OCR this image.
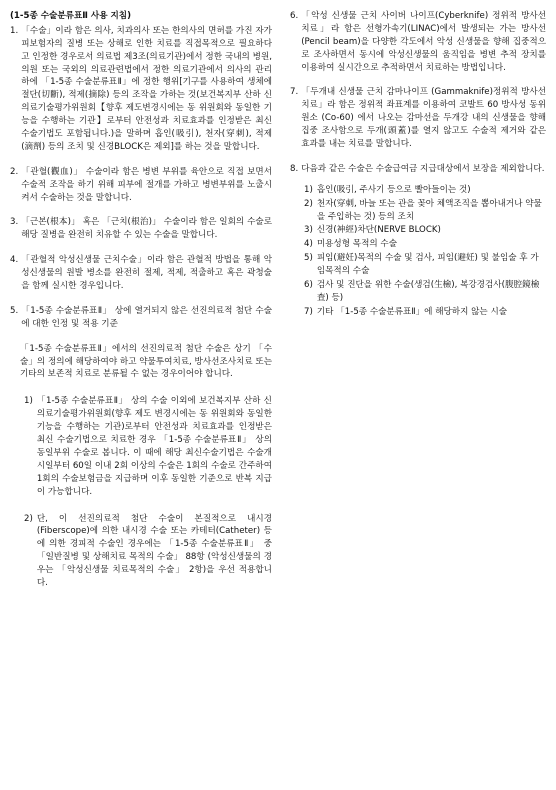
(1-5종 수술분류표Ⅱ 사용 지침)
1. 「수술」이라 함은 의사, 치과의사 또는 한의사의 면허를 가진 자가 피보험자의 질병 또는 상해로 인한 치료를 직접목적으로 필요하다고 인정한 경우로서 의료법 제3조(의료기관)에서 정한 국내의 병원, 의원 또는 국외의 의료관련법에서 정한 의료기관에서 의사의 관리하에 「1-5종 수술분류표Ⅱ」에 정한 행위[기구를 사용하여 생체에 절단(切斷), 적제(摘除) 등의 조작을 가하는 것(보건복지부 산하 신의료기술평가위원회【향후 제도변경시에는 동 위원회와 동일한 기능을 수행하는 기관】로부터 안전성과 치료효과를 인정받은 최신 수술기법도 포함됩니다.)을 말하며 흡인(吸引), 천자(穿刺), 적제(滴劑) 등의 조치 및 신경BLOCK은 제외]를 하는 것을 말합니다.
2. 「관혈(觀血)」 수술이라 함은 병변 부위를 육안으로 직접 보면서 수술적 조작을 하기 위해 피부에 절개를 가하고 병변부위를 노출시켜서 수술하는 것을 말합니다.
3. 「근본(根本)」 혹은 「근치(根治)」 수술이라 함은 일회의 수술로 해당 질병을 완전히 치유할 수 있는 수술을 말합니다.
4. 「관혈적 악성신생물 근치수술」이라 함은 관혈적 방법을 통해 악성신생물의 원발 병소를 완전히 절제, 적제, 적출하고 혹은 곽청술을 함께 실시한 경우입니다.
5. 「1-5종 수술분류표Ⅱ」 상에 열거되지 않은 선진의료적 첨단 수술에 대한 인정 및 적용 기준
「1-5종 수술분류표Ⅱ」에서의 선진의료적 첨단 수술은 상기 「수술」의 정의에 해당하여야 하고 약물투여치료, 방사선조사치료 또는 기타의 보존적 치료로 분류될 수 없는 경우이어야 합니다.
1) 「1-5종 수술분류표Ⅱ」 상의 수술 이외에 보건복지부 산하 신의료기술평가위원회(향후 제도 변경시에는 동 위원회와 동일한 기능을 수행하는 기관)로부터 안전성과 치료효과를 인정받은 최신 수술기법으로 치료한 경우 「1-5종 수술분류표Ⅱ」 상의 동일부위 수술로 봅니다. 이 때에 해당 최신수술기법은 수술개시일부터 60일 이내 2회 이상의 수술은 1회의 수술로 간주하여 1회의 수술보험금을 지급하며 이후 동일한 기준으로 반복 지급이 가능합니다.
2) 단, 이 선진의료적 첨단 수술이 본질적으로 내시경(Fiberscope)에 의한 내시경 수술 또는 카테터(Catheter) 등에 의한 경피적 수술인 경우에는 「1-5종 수술분류표Ⅱ」 중 「일반질병 및 상해치료 목적의 수술」 88항 (악성신생물의 경우는 「악성신생물 치료목적의 수술」 2항)을 우선 적용합니다.
6. 「악성 신생물 근치 사이버 나이프(Cyberknife) 정위적 방사선 치료」라 함은 선형가속기(LINAC)에서 발생되는 가는 방사선(Pencil beam)을 다양한 각도에서 악성 신생물을 향해 집중적으로 조사하면서 동시에 악성신생물의 움직임을 병변 추적 장치를 이용하여 실시간으로 추적하면서 치료하는 방법입니다.
7. 「두개내 신생물 근치 감마나이프 (Gammaknife)정위적 방사선 치료」라 함은 정위적 좌표계를 이용하여 코발트 60 방사성 동위원소 (Co-60) 에서 나오는 감마선을 두개강 내의 신생물을 향해 집중 조사함으로 두개(頭蓋)를 열지 않고도 수술적 제거와 같은 효과를 내는 치료를 말합니다.
8. 다음과 같은 수술은 수술급여금 지급대상에서 보장을 제외합니다.
1) 흡인(吸引, 주사기 등으로 빨아들이는 것)
2) 천자(穿刺, 바늘 또는 관을 꽂아 체액조직을 뽑아내거나 약물을 주입하는 것) 등의 조치
3) 신경(神經)차단(NERVE BLOCK)
4) 미용성형 목적의 수술
5) 피임(避妊)목적의 수술 및 검사, 피임(避妊) 및 불임술 후 가임목적의 수술
6) 검사 및 진단을 위한 수술(생검(生檢), 복강경검사(腹腔鏡檢査) 등)
7) 기타 「1-5종 수술분류표Ⅱ」에 해당하지 않는 시술
